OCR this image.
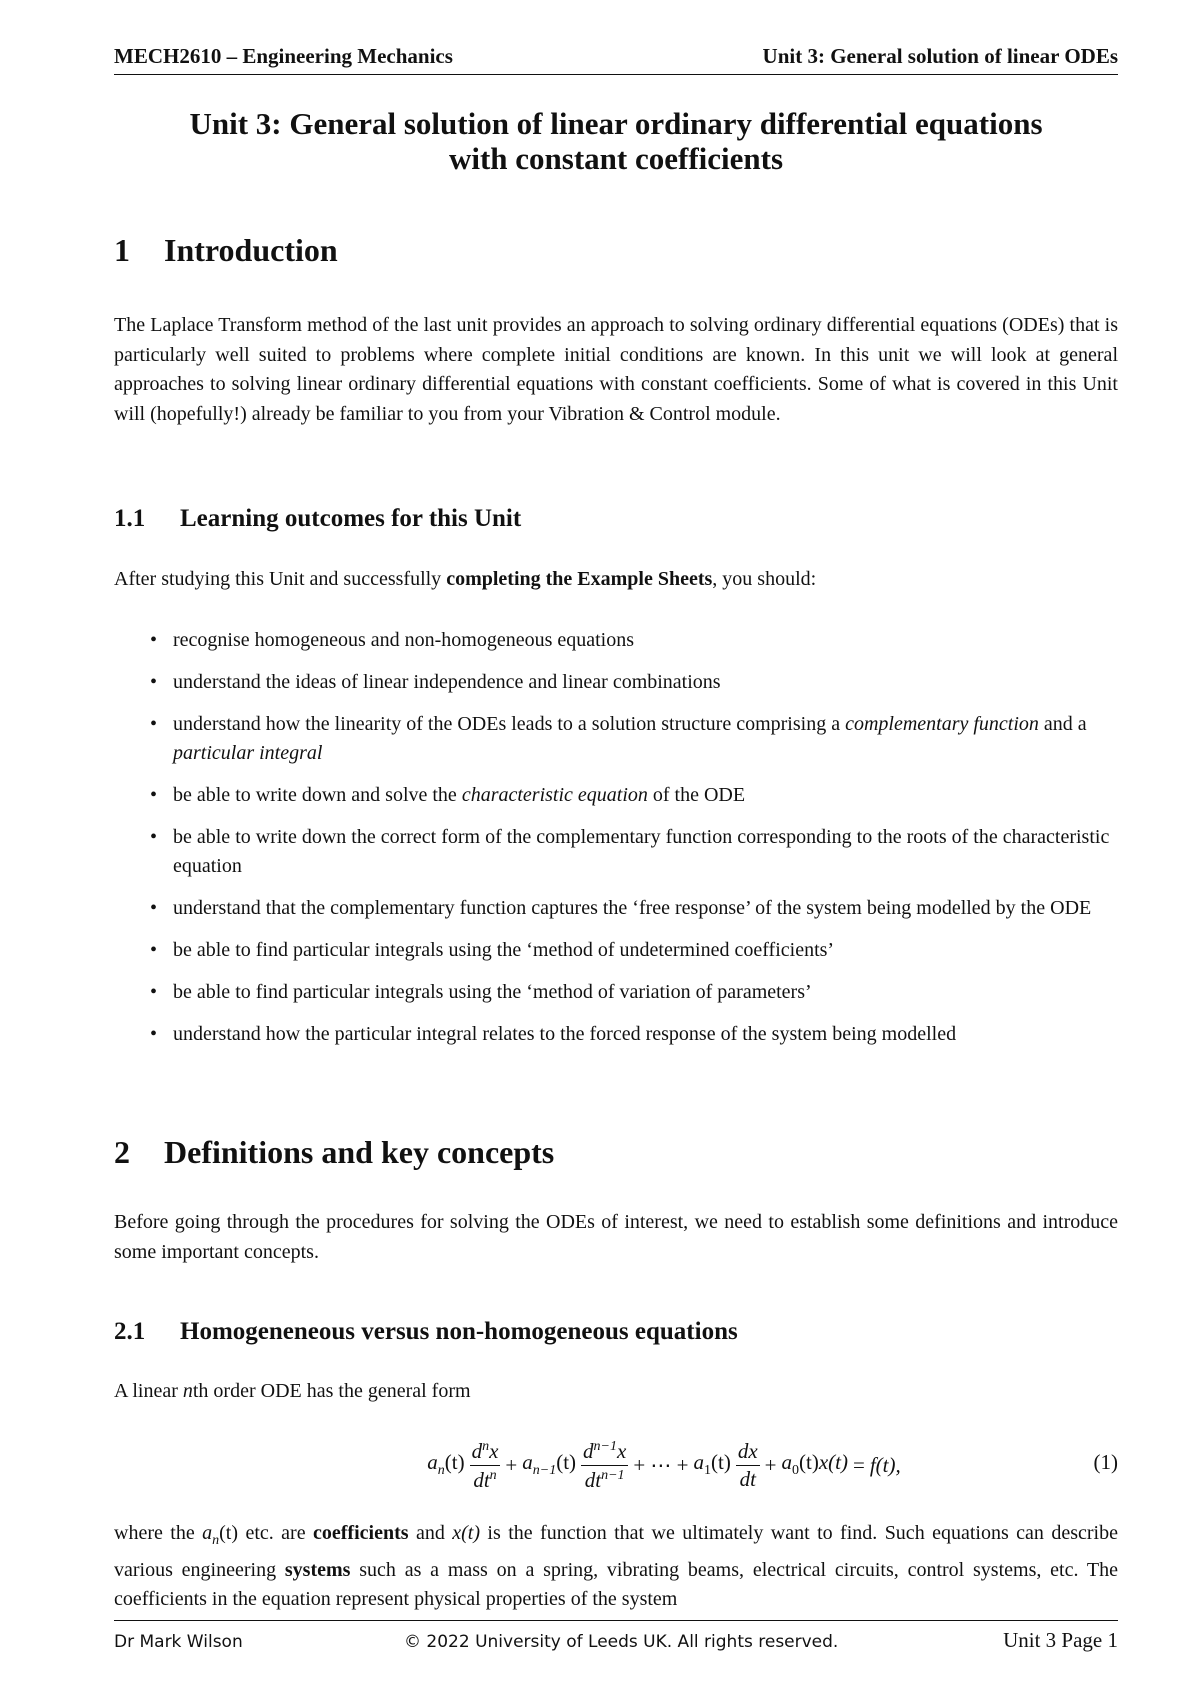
MECH2610 – Engineering Mechanics	Unit 3: General solution of linear ODEs
Unit 3: General solution of linear ordinary differential equations
with constant coefficients
1 Introduction
The Laplace Transform method of the last unit provides an approach to solving ordinary differential equations (ODEs) that is particularly well suited to problems where complete initial conditions are known. In this unit we will look at general approaches to solving linear ordinary differential equations with constant coefficients. Some of what is covered in this Unit will (hopefully!) already be familiar to you from your Vibration & Control module.
1.1 Learning outcomes for this Unit
After studying this Unit and successfully completing the Example Sheets, you should:
• recognise homogeneous and non-homogeneous equations
• understand the ideas of linear independence and linear combinations
• understand how the linearity of the ODEs leads to a solution structure comprising a complementary function and a particular integral
• be able to write down and solve the characteristic equation of the ODE
• be able to write down the correct form of the complementary function corresponding to the roots of the characteristic equation
• understand that the complementary function captures the ‘free response’ of the system being modelled by the ODE
• be able to find particular integrals using the ‘method of undetermined coefficients’
• be able to find particular integrals using the ‘method of variation of parameters’
• understand how the particular integral relates to the forced response of the system being modelled
2 Definitions and key concepts
Before going through the procedures for solving the ODEs of interest, we need to establish some definitions and introduce some important concepts.
2.1 Homogeneneous versus non-homogeneous equations
A linear nth order ODE has the general form
$a_n(t) \frac{d^nx}{dt^n} + a_{n-1}(t) \frac{d^{n-1}x}{dt^{n-1}}$ + ⋯ + $a_1(t) \frac{dx}{dt} + a_0(t)x(t) = f(t)$,	(1)
where the $a_n(t)$ etc. are coefficients and x(t) is the function that we ultimately want to find. Such equations can describe various engineering systems such as a mass on a spring, vibrating beams, electrical circuits, control systems, etc. The coefficients in the equation represent physical properties of the system
Dr Mark Wilson	© 2022 University of Leeds UK. All rights reserved.	Unit 3 Page 1
